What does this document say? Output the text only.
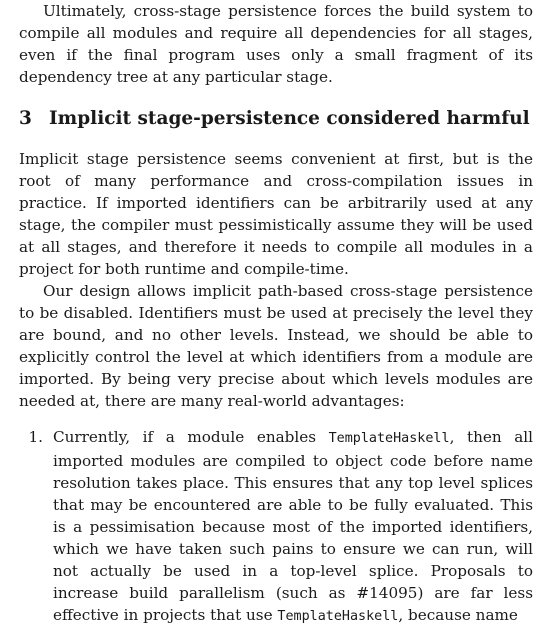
Ultimately, cross-stage persistence forces the build system to compile all modules and require all dependencies for all stages, even if the final program uses only a small fragment of its dependency tree at any particular stage.

3 Implicit stage-persistence considered harmful

Implicit stage persistence seems convenient at first, but is the root of many performance and cross-compilation issues in practice. If imported identifiers can be arbitrarily used at any stage, the compiler must pessimistically assume they will be used at all stages, and therefore it needs to compile all modules in a project for both runtime and compile-time.

Our design allows implicit path-based cross-stage persistence to be disabled. Identifiers must be used at precisely the level they are bound, and no other levels. Instead, we should be able to explicitly control the level at which identifiers from a module are imported. By being very precise about which levels modules are needed at, there are many real-world advantages:

1. Currently, if a module enables TemplateHaskell, then all imported modules are compiled to object code before name resolution takes place. This ensures that any top level splices that may be encountered are able to be fully evaluated. This is a pessimisation because most of the imported identifiers, which we have taken such pains to ensure we can run, will not actually be used in a top-level splice. Proposals to increase build parallelism (such as #14095) are far less effective in projects that use TemplateHaskell, because name
